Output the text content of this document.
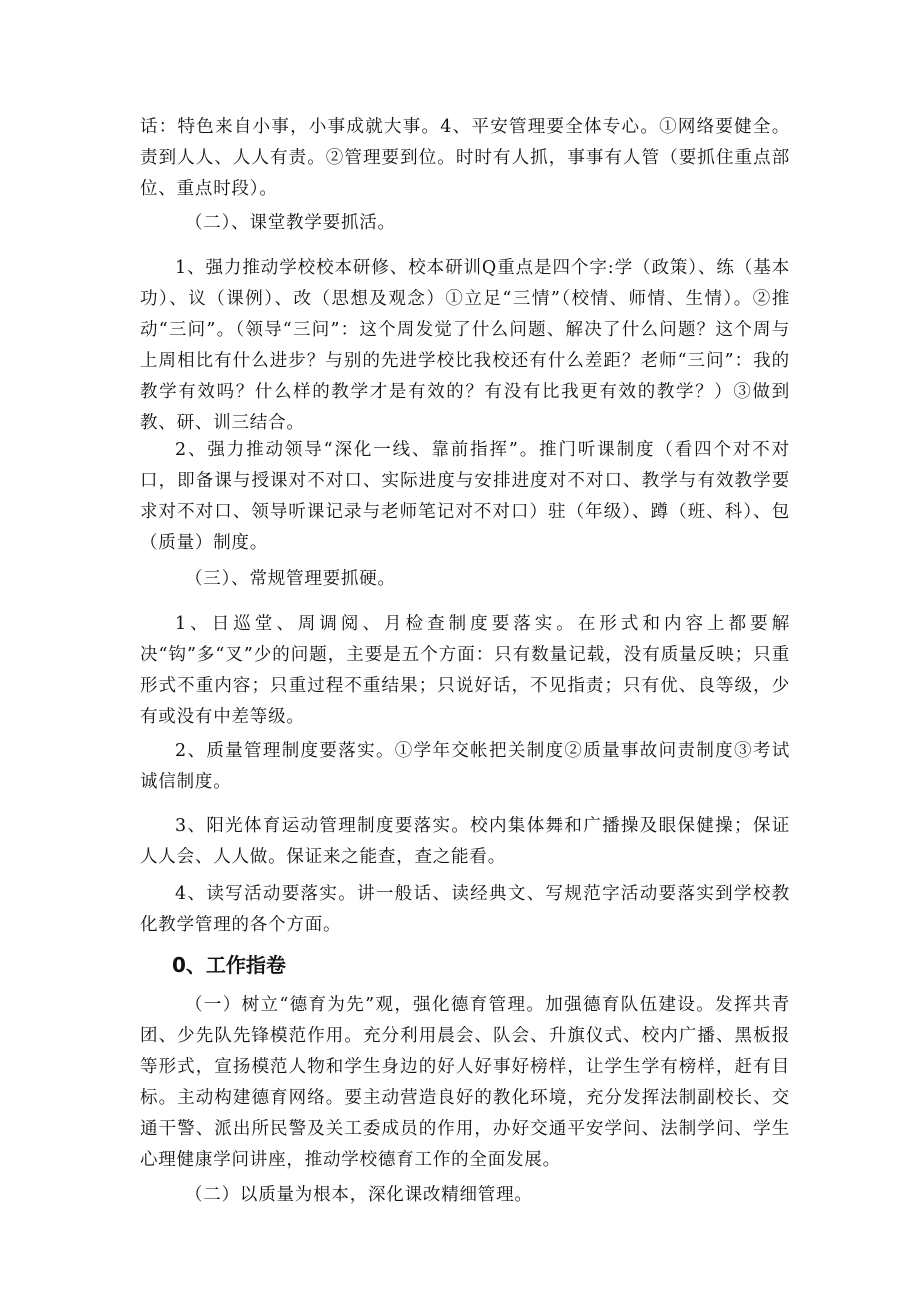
话：特色来自小事，小事成就大事。4、平安管理要全体专心。①网络要健全。责到人人、人人有责。②管理要到位。时时有人抓，事事有人管（要抓住重点部位、重点时段）。

（二）、课堂教学要抓活。

1、强力推动学校校本研修、校本研训Q重点是四个字:学（政策）、练（基本功）、议（课例）、改（思想及观念）①立足“三情”（校情、师情、生情）。②推动“三问”。（领导“三问”：这个周发觉了什么问题、解决了什么问题？这个周与上周相比有什么进步？与别的先进学校比我校还有什么差距？老师“三问”：我的教学有效吗？什么样的教学才是有效的？有没有比我更有效的教学？）③做到教、研、训三结合。

2、强力推动领导“深化一线、靠前指挥”。推门听课制度（看四个对不对口，即备课与授课对不对口、实际进度与安排进度对不对口、教学与有效教学要求对不对口、领导听课记录与老师笔记对不对口）驻（年级）、蹲（班、科）、包（质量）制度。

（三）、常规管理要抓硬。

1、日巡堂、周调阅、月检查制度要落实。在形式和内容上都要解决“钩”多“叉”少的问题，主要是五个方面：只有数量记载，没有质量反映；只重形式不重内容；只重过程不重结果；只说好话，不见指责；只有优、良等级，少有或没有中差等级。

2、质量管理制度要落实。①学年交帐把关制度②质量事故问责制度③考试诚信制度。

3、阳光体育运动管理制度要落实。校内集体舞和广播操及眼保健操；保证人人会、人人做。保证来之能查，查之能看。

4、读写活动要落实。讲一般话、读经典文、写规范字活动要落实到学校教化教学管理的各个方面。

0、工作指卷

（一）树立“德育为先”观，强化德育管理。加强德育队伍建设。发挥共青团、少先队先锋模范作用。充分利用晨会、队会、升旗仪式、校内广播、黑板报等形式，宣扬模范人物和学生身边的好人好事好榜样，让学生学有榜样，赶有目标。主动构建德育网络。要主动营造良好的教化环境，充分发挥法制副校长、交通干警、派出所民警及关工委成员的作用，办好交通平安学问、法制学问、学生心理健康学问讲座，推动学校德育工作的全面发展。

（二）以质量为根本，深化课改精细管理。
